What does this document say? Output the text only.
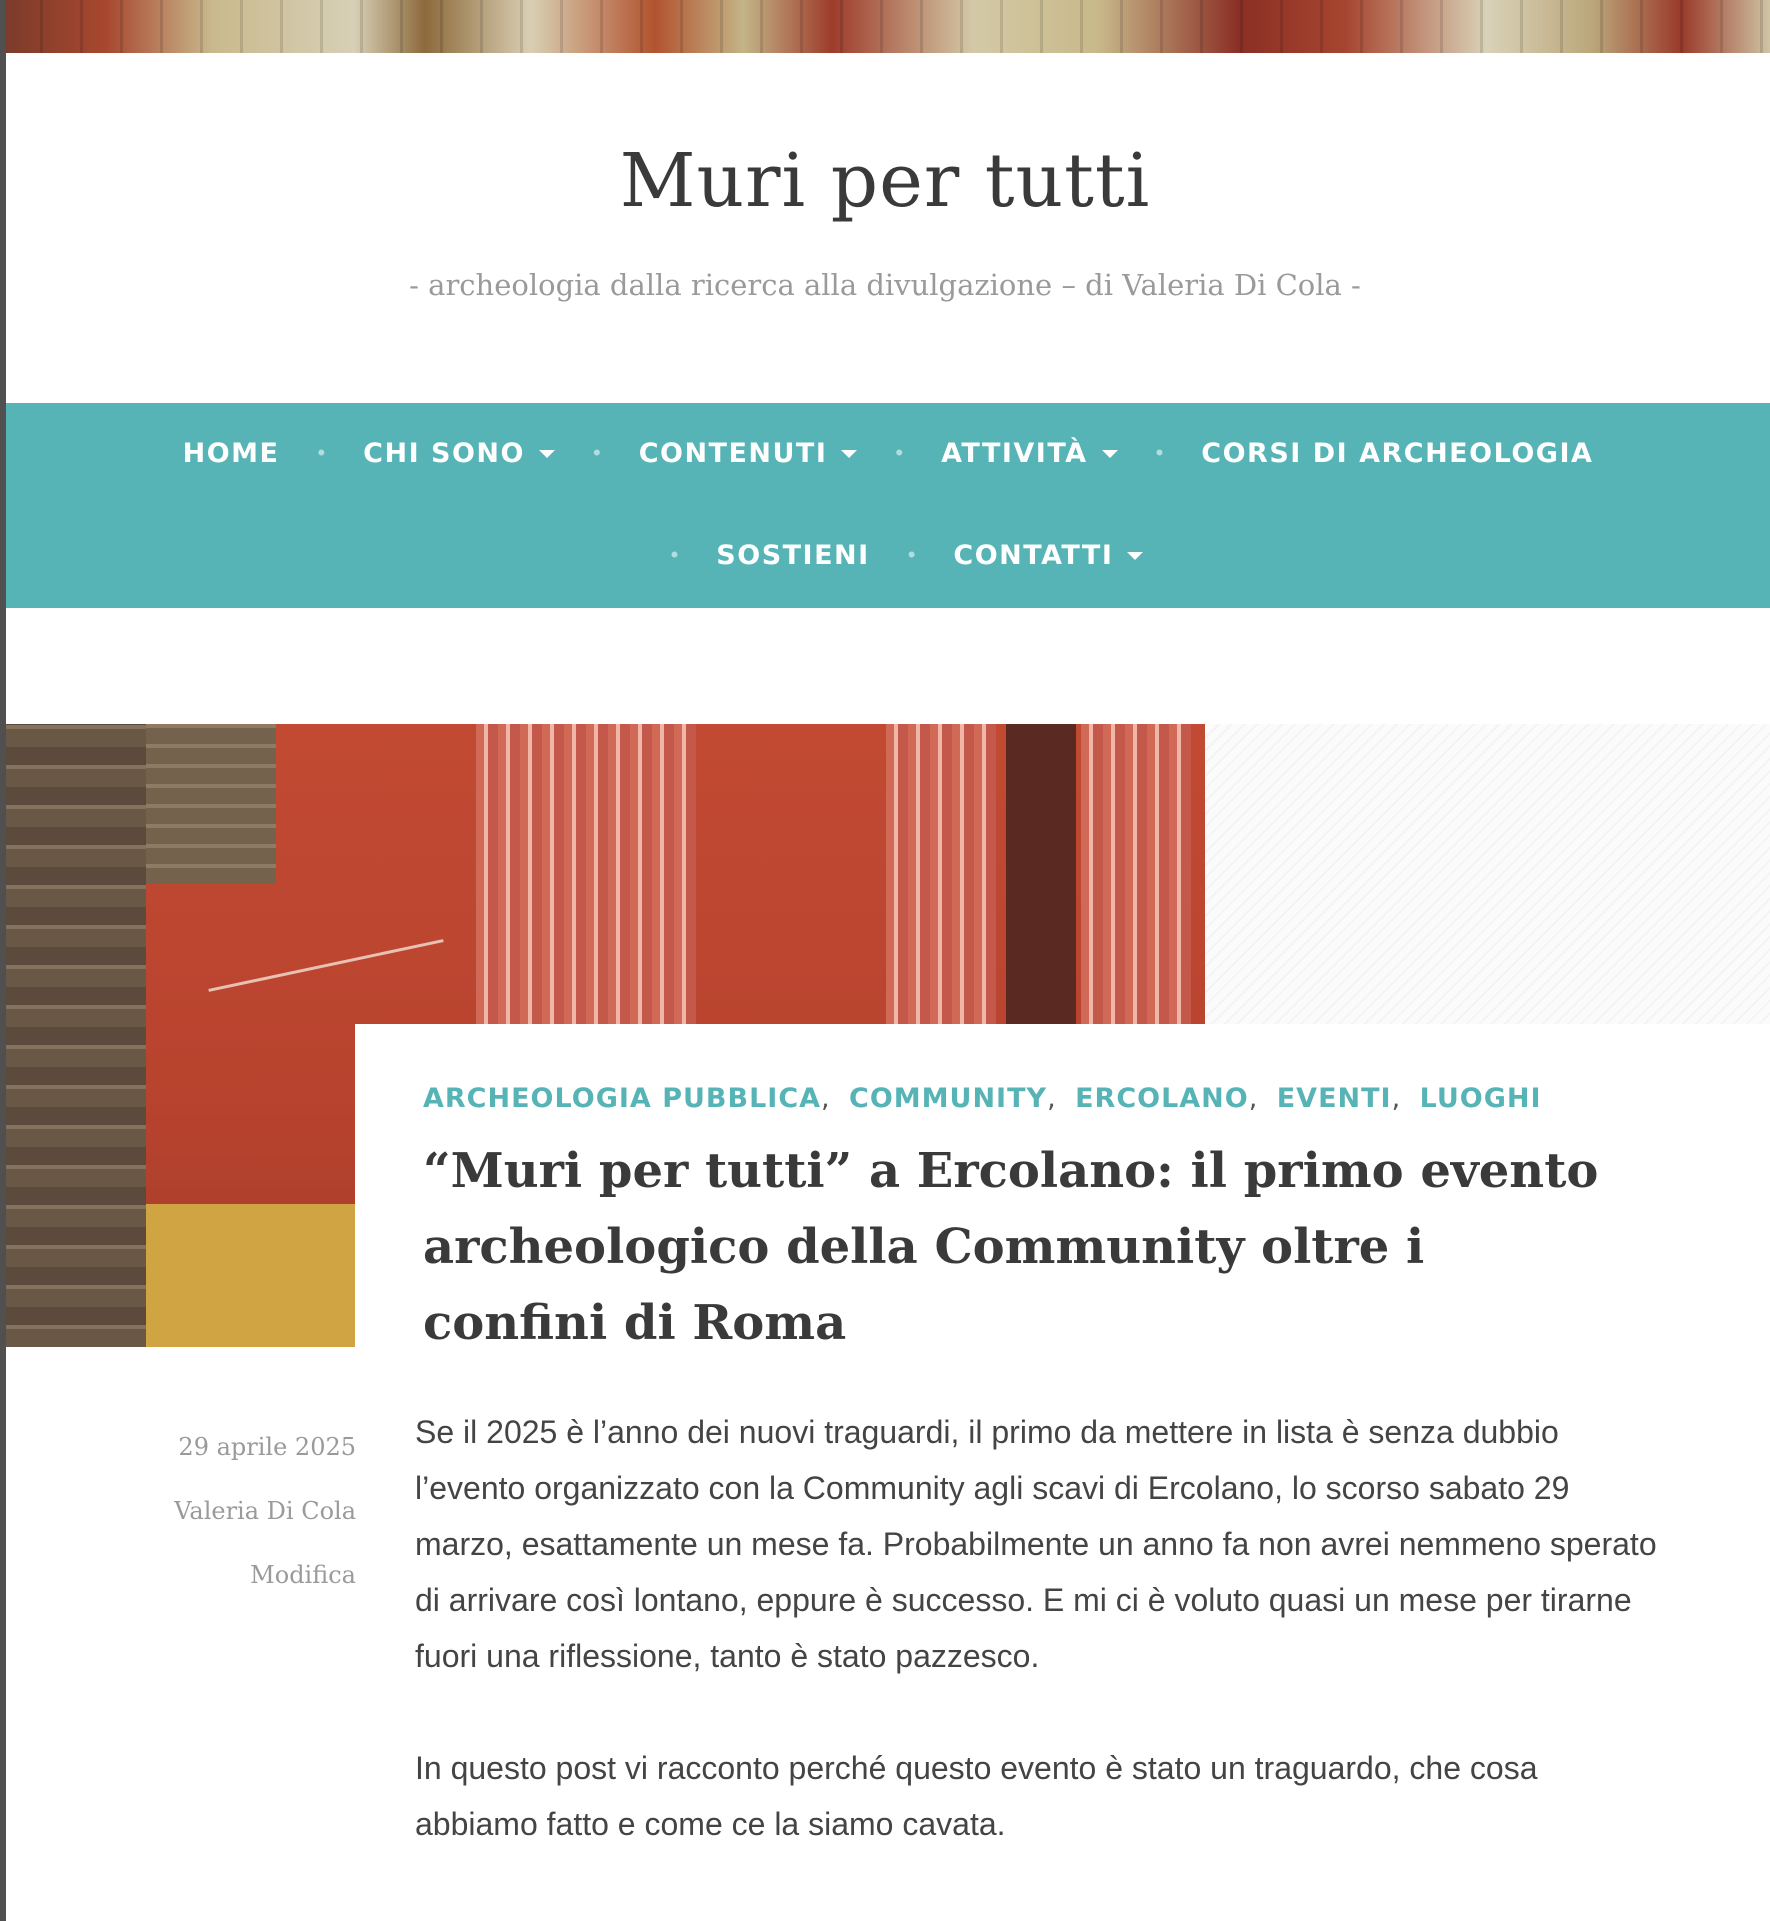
Muri per tutti
- archeologia dalla ricerca alla divulgazione – di Valeria Di Cola -
HOME • CHI SONO	• CONTENUTI	• ATTIVITÀ	• CORSI DI ARCHEOLOGIA
• SOSTIENI • CONTATTI
ARCHEOLOGIA PUBBLICA, COMMUNITY, ERCOLANO, EVENTI, LUOGHI
“Muri per tutti” a Ercolano: il primo evento archeologico della Community oltre i confini di Roma
29 aprile 2025
Valeria Di Cola
Modifica

Se il 2025 è l’anno dei nuovi traguardi, il primo da mettere in lista è senza dubbio l’evento organizzato con la Community agli scavi di Ercolano, lo scorso sabato 29 marzo, esattamente un mese fa. Probabilmente un anno fa non avrei nemmeno sperato di arrivare così lontano, eppure è successo. E mi ci è voluto quasi un mese per tirarne fuori una riflessione, tanto è stato pazzesco.

In questo post vi racconto perché questo evento è stato un traguardo, che cosa abbiamo fatto e come ce la siamo cavata.
